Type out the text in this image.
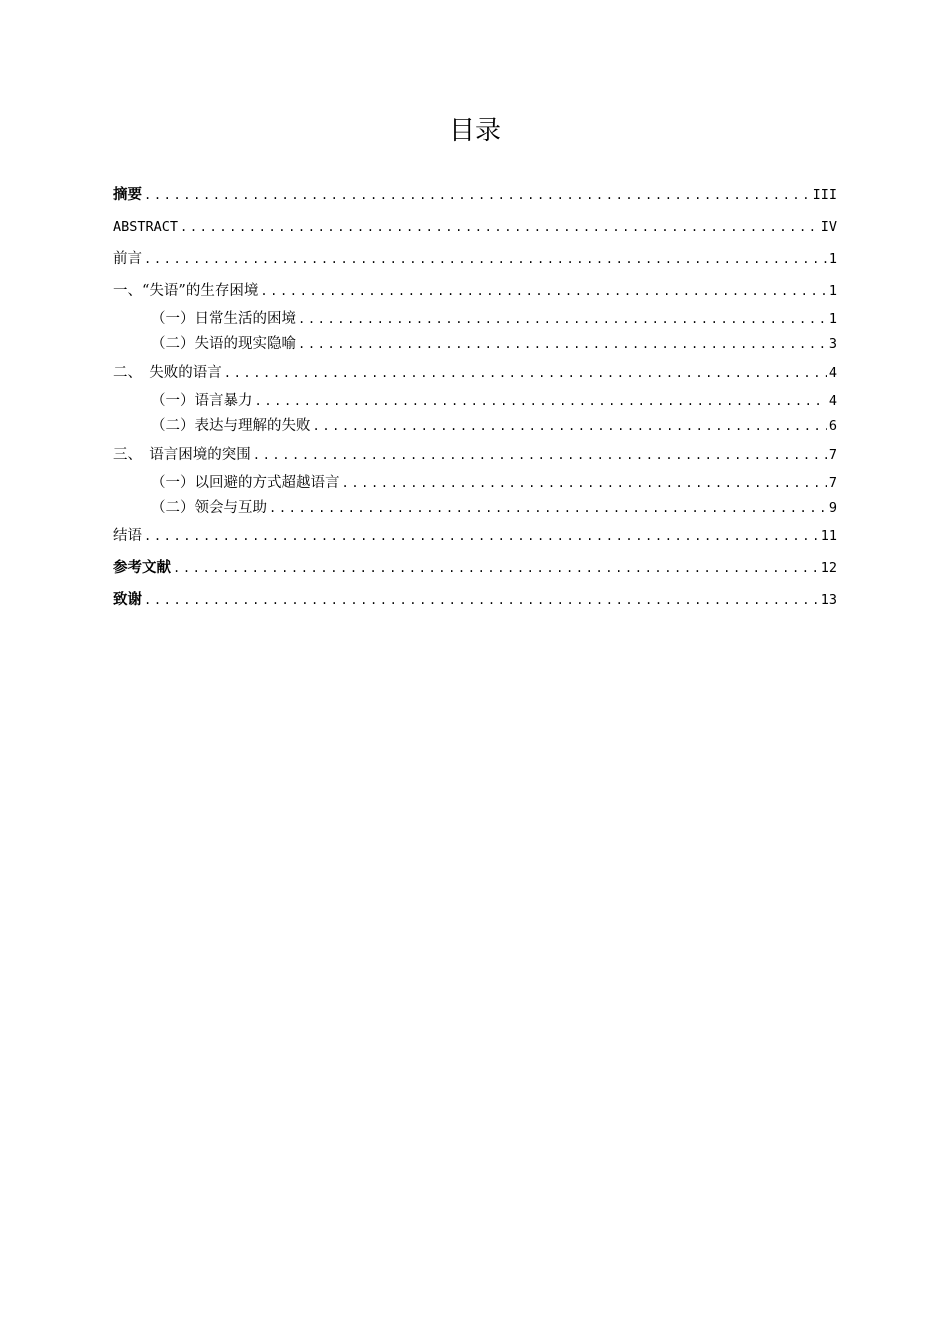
目录
摘要 .....	III
ABSTRACT .....	IV
前言 .....	1
一、“失语”的生存困境 .....	1
（一）日常生活的困境 .....	1
（二）失语的现实隐喻 .....	3
二、　失败的语言 .....	4
（一）语言暴力 .....	4
（二）表达与理解的失败 .....	6
三、　语言困境的突围 .....	7
（一）以回避的方式超越语言 .....	7
（二）领会与互助 .....	9
结语 .....	11
参考文献 .....	12
致谢 .....	13
